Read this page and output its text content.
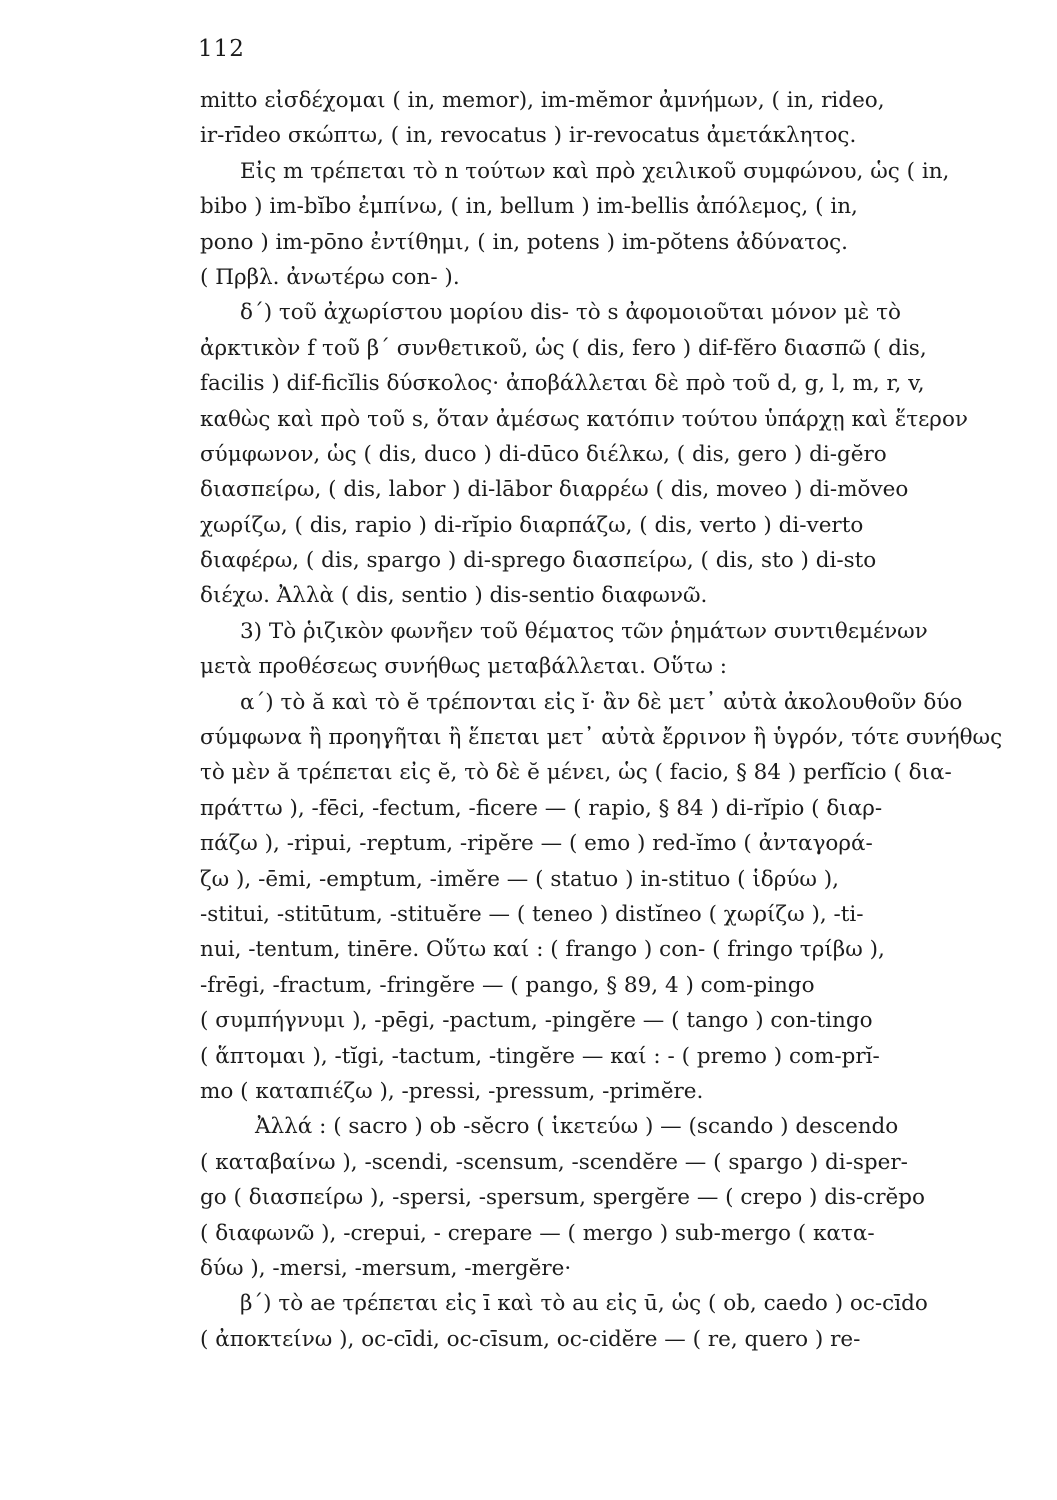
112
mitto εἰσδέχομαι ( in, memor), im-mĕmor ἀμνήμων, ( in, rideo,
ir-rīdeo σκώπτω, ( in, revocatus ) ir-revocatus ἀμετάκλητος.
Εἰς m τρέπεται τὸ n τούτων καὶ πρὸ χειλικοῦ συμφώνου, ὡς ( in,
bibo ) im-bĭbo ἐμπίνω, ( in, bellum ) im-bellis ἀπόλεμος, ( in,
pono ) im-pōno ἐντίθημι, ( in, potens ) im-pŏtens ἀδύνατος.
( Πρβλ. ἀνωτέρω con- ).
δ΄) τοῦ ἀχωρίστου μορίου dis- τὸ s ἀφομοιοῦται μόνον μὲ τὸ
ἀρκτικὸν f τοῦ β΄ συνθετικοῦ, ὡς ( dis, fero ) dif-fĕro διασπῶ ( dis,
facilis ) dif-ficĭlis δύσκολος· ἀποβάλλεται δὲ πρὸ τοῦ d, g, l, m, r, v,
καθὼς καὶ πρὸ τοῦ s, ὅταν ἀμέσως κατόπιν τούτου ὑπάρχῃ καὶ ἕτερον
σύμφωνον, ὡς ( dis, duco ) di-dūco διέλκω, ( dis, gero ) di-gĕro
διασπείρω, ( dis, labor ) di-lābor διαρρέω ( dis, moveo ) di-mŏveo
χωρίζω, ( dis, rapio ) di-rĭpio διαρπάζω, ( dis, verto ) di-verto
διαφέρω, ( dis, spargo ) di-sprego διασπείρω, ( dis, sto ) di-sto
διέχω. Ἀλλὰ ( dis, sentio ) dis-sentio διαφωνῶ.
3) Τὸ ῥιζικὸν φωνῆεν τοῦ θέματος τῶν ῥημάτων συντιθεμένων
μετὰ προθέσεως συνήθως μεταβάλλεται. Οὕτω :
α΄) τὸ ă καὶ τὸ ĕ τρέπονται εἰς ĭ· ἂν δὲ μετ᾽ αὐτὰ ἀκολουθοῦν δύο
σύμφωνα ἢ προηγῆται ἢ ἕπεται μετ᾽ αὐτὰ ἔρρινον ἢ ὑγρόν, τότε συνήθως
τὸ μὲν ă τρέπεται εἰς ĕ, τὸ δὲ ĕ μένει, ὡς ( facio, § 84 ) perfĭcio ( δια-
πράττω ), -fēci, -fectum, -ficere — ( rapio, § 84 ) di-rĭpio ( διαρ-
πάζω ), -ripui, -reptum, -ripĕre — ( emo ) red-ĭmo ( ἀνταγορά-
ζω ), -ēmi, -emptum, -imĕre — ( statuo ) in-stituo ( ἱδρύω ),
-stitui, -stitūtum, -stituĕre — ( teneo ) distĭneo ( χωρίζω ), -ti-
nui, -tentum, tinēre. Οὕτω καί : ( frango ) con- ( fringo τρίβω ),
-frēgi, -fractum, -fringĕre — ( pango, § 89, 4 ) com-pingo
( συμπήγνυμι ), -pēgi, -pactum, -pingĕre — ( tango ) con-tingo
( ἅπτομαι ), -tĭgi, -tactum, -tingĕre — καί : - ( premo ) com-prĭ-
mo ( καταπιέζω ), -pressi, -pressum, -primĕre.
Ἀλλά : ( sacro ) ob -sĕcro ( ἱκετεύω ) — (scando ) descendo
( καταβαίνω ), -scendi, -scensum, -scendĕre — ( spargo ) di-sper-
go ( διασπείρω ), -spersi, -spersum, spergĕre — ( crepo ) dis-crĕpo
( διαφωνῶ ), -crepui, - crepare — ( mergo ) sub-mergo ( κατα-
δύω ), -mersi, -mersum, -mergĕre·
β΄) τὸ ae τρέπεται εἰς ī καὶ τὸ au εἰς ū, ὡς ( ob, caedo ) oc-cīdo
( ἀποκτείνω ), oc-cīdi, oc-cīsum, oc-cidĕre — ( re, quero ) re-
